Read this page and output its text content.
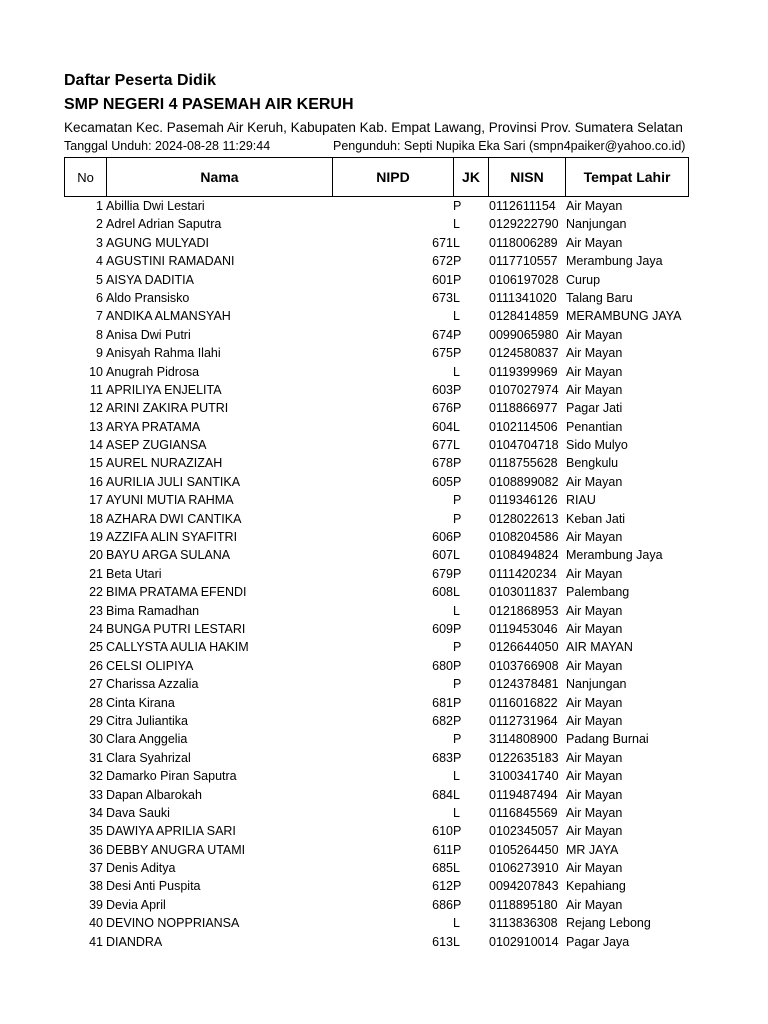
Daftar Peserta Didik
SMP NEGERI 4 PASEMAH AIR KERUH
Kecamatan Kec. Pasemah Air Keruh, Kabupaten Kab. Empat Lawang, Provinsi Prov. Sumatera Selatan
Tanggal Unduh: 2024-08-28 11:29:44	Pengunduh: Septi Nupika Eka Sari (smpn4paiker@yahoo.co.id)
No	Nama	NIPD	JK	NISN	Tempat Lahir
1 Abillia Dwi Lestari	P 0112611154 Air Mayan
2 Adrel Adrian Saputra	L 0129222790 Nanjungan
3 AGUNG MULYADI	671 L 0118006289 Air Mayan
4 AGUSTINI RAMADANI	672 P 0117710557 Merambung Jaya
5 AISYA DADITIA	601 P 0106197028 Curup
6 Aldo Pransisko	673 L 0111341020 Talang Baru
7 ANDIKA ALMANSYAH	L 0128414859 MERAMBUNG JAYA
8 Anisa Dwi Putri	674 P 0099065980 Air Mayan
9 Anisyah Rahma Ilahi	675 P 0124580837 Air Mayan
10 Anugrah Pidrosa	L 0119399969 Air Mayan
11 APRILIYA ENJELITA	603 P 0107027974 Air Mayan
12 ARINI ZAKIRA PUTRI	676 P 0118866977 Pagar Jati
13 ARYA PRATAMA	604 L 0102114506 Penantian
14 ASEP ZUGIANSA	677 L 0104704718 Sido Mulyo
15 AUREL NURAZIZAH	678 P 0118755628 Bengkulu
16 AURILIA JULI SANTIKA	605 P 0108899082 Air Mayan
17 AYUNI MUTIA RAHMA	P 0119346126 RIAU
18 AZHARA DWI CANTIKA	P 0128022613 Keban Jati
19 AZZIFA ALIN SYAFITRI	606 P 0108204586 Air Mayan
20 BAYU ARGA SULANA	607 L 0108494824 Merambung Jaya
21 Beta Utari	679 P 0111420234 Air Mayan
22 BIMA PRATAMA EFENDI	608 L 0103011837 Palembang
23 Bima Ramadhan	L 0121868953 Air Mayan
24 BUNGA PUTRI LESTARI	609 P 0119453046 Air Mayan
25 CALLYSTA AULIA HAKIM	P 0126644050 AIR MAYAN
26 CELSI OLIPIYA	680 P 0103766908 Air Mayan
27 Charissa Azzalia	P 0124378481 Nanjungan
28 Cinta Kirana	681 P 0116016822 Air Mayan
29 Citra Juliantika	682 P 0112731964 Air Mayan
30 Clara Anggelia	P 3114808900 Padang Burnai
31 Clara Syahrizal	683 P 0122635183 Air Mayan
32 Damarko Piran Saputra	L 3100341740 Air Mayan
33 Dapan Albarokah	684 L 0119487494 Air Mayan
34 Dava Sauki	L 0116845569 Air Mayan
35 DAWIYA APRILIA SARI	610 P 0102345057 Air Mayan
36 DEBBY ANUGRA UTAMI	611 P 0105264450 MR JAYA
37 Denis Aditya	685 L 0106273910 Air Mayan
38 Desi Anti Puspita	612 P 0094207843 Kepahiang
39 Devia April	686 P 0118895180 Air Mayan
40 DEVINO NOPPRIANSA	L 3113836308 Rejang Lebong
41 DIANDRA	613 L 0102910014 Pagar Jaya
